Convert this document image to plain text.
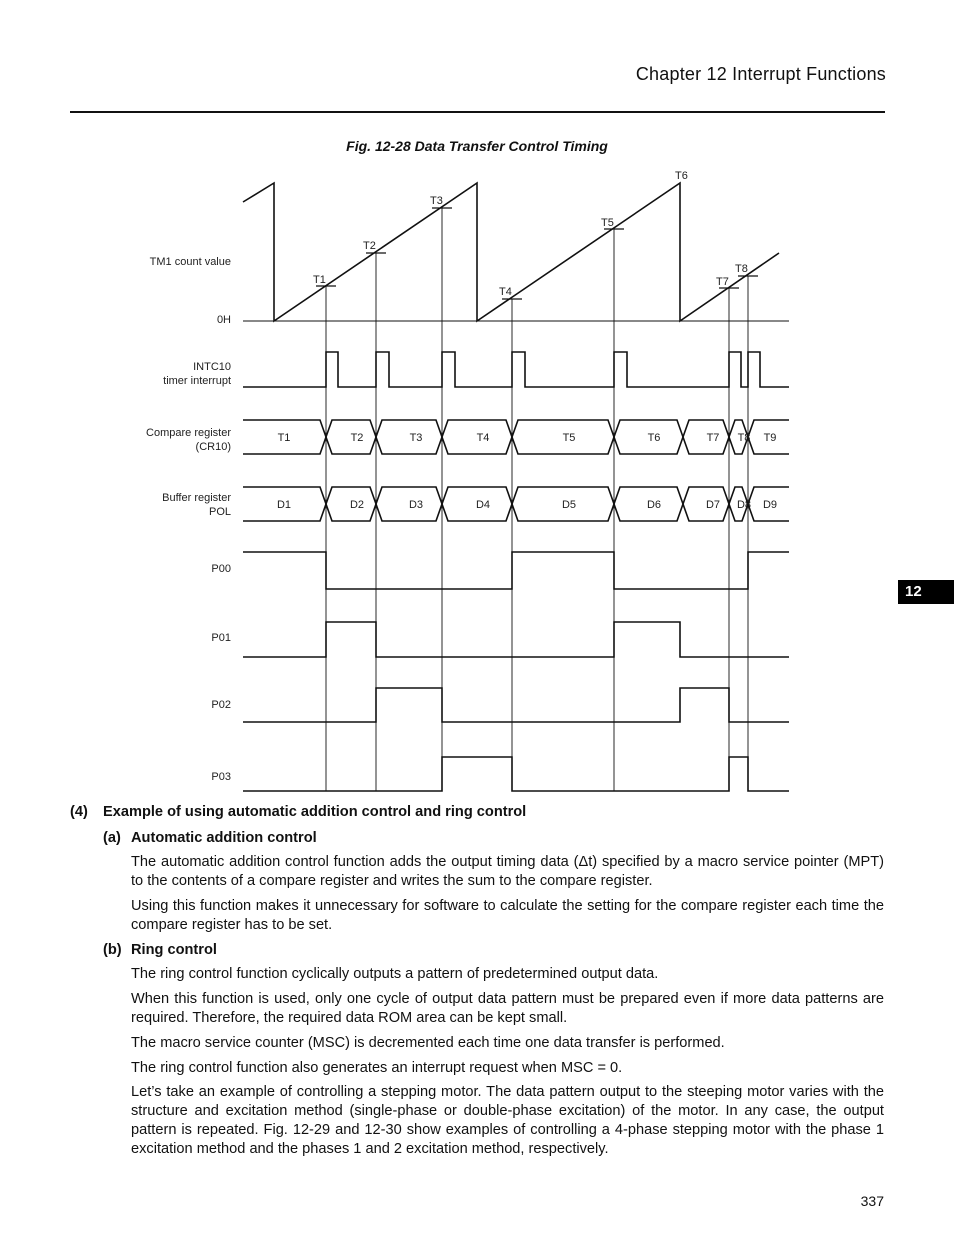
Chapter 12 Interrupt Functions
12
Fig. 12-28 Data Transfer Control Timing
T1
T2
T3
T4
T5
T6
T7
T8
TM1 count value
0H
INTC10
timer interrupt
Compare register
(CR10)
Buffer register
POL
P00
P01
P02
P03
T1	T2	T3	T4	T5	T6	T7 T8 T9
D1	D2	D3	D4	D5	D6	D7 D8 D9
(4) Example of using automatic addition control and ring control
(a) Automatic addition control
The automatic addition control function adds the output timing data (Δt) specified by a macro service pointer (MPT) to the contents of a compare register and writes the sum to the compare register.
Using this function makes it unnecessary for software to calculate the setting for the compare register each time the compare register has to be set.
(b) Ring control
The ring control function cyclically outputs a pattern of predetermined output data.
When this function is used, only one cycle of output data pattern must be prepared even if more data patterns are required. Therefore, the required data ROM area can be kept small.
The macro service counter (MSC) is decremented each time one data transfer is performed.
The ring control function also generates an interrupt request when MSC = 0.
Let’s take an example of controlling a stepping motor. The data pattern output to the steeping motor varies with the structure and excitation method (single-phase or double-phase excitation) of the motor. In any case, the output pattern is repeated. Fig. 12-29 and 12-30 show examples of controlling a 4-phase stepping motor with the phase 1 excitation method and the phases 1 and 2 excitation method, respectively.
337
